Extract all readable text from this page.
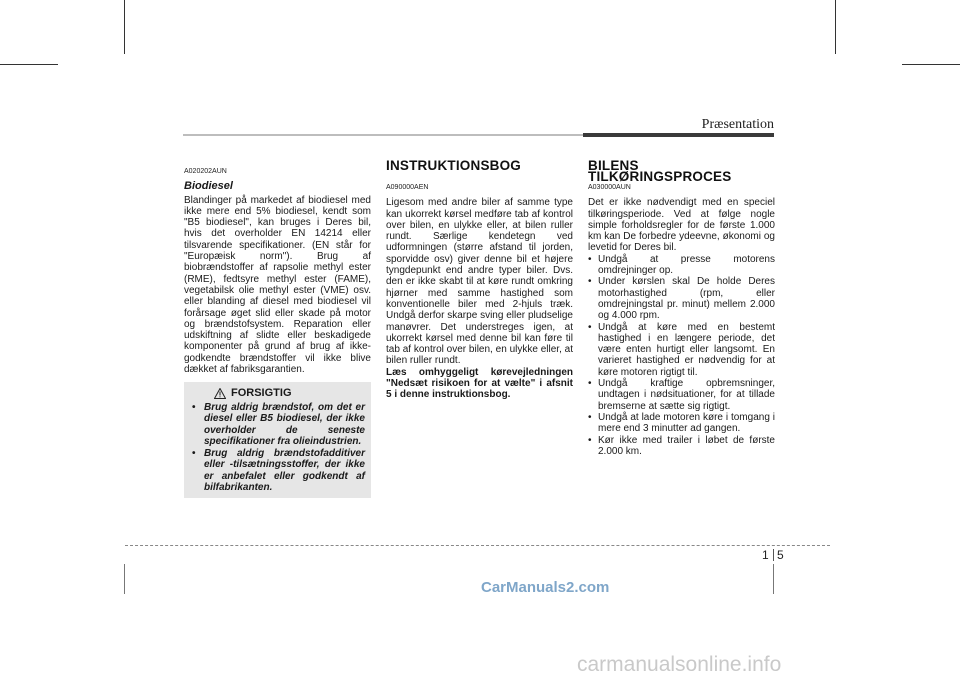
Præsentation
A020202AUN
Biodiesel

Blandinger på markedet af biodiesel med ikke mere end 5% biodiesel, kendt som "B5 biodiesel", kan bruges i Deres bil, hvis det overholder EN 14214 eller tilsvarende specifikationer. (EN står for "Europæisk norm"). Brug af biobrændstoffer af rapsolie methyl ester (RME), fedtsyre methyl ester (FAME), vegetabilsk olie methyl ester (VME) osv. eller blanding af diesel med biodiesel vil forårsage øget slid eller skade på motor og brændstofsystem. Reparation eller udskiftning af slidte eller beskadigede komponenter på grund af brug af ikke-godkendte brændstoffer vil ikke blive dækket af fabriksgarantien.

FORSIGTIG
• Brug aldrig brændstof, om det er diesel eller B5 biodiesel, der ikke overholder de seneste specifikationer fra olieindustrien.
• Brug aldrig brændstofadditiver eller -tilsætningsstoffer, der ikke er anbefalet eller godkendt af bilfabrikanten.
INSTRUKTIONSBOG
A090000AEN

Ligesom med andre biler af samme type kan ukorrekt kørsel medføre tab af kontrol over bilen, en ulykke eller, at bilen ruller rundt. Særlige kendetegn ved udformningen (større afstand til jorden, sporvidde osv) giver denne bil et højere tyngdepunkt end andre typer biler. Dvs. den er ikke skabt til at køre rundt omkring hjørner med samme hastighed som konventionelle biler med 2-hjuls træk. Undgå derfor skarpe sving eller pludselige manøvrer. Det understreges igen, at ukorrekt kørsel med denne bil kan føre til tab af kontrol over bilen, en ulykke eller, at bilen ruller rundt.

Læs omhyggeligt kørevejledningen "Nedsæt risikoen for at vælte" i afsnit 5 i denne instruktionsbog.

BILENS TILKØRINGSPROCES
A030000AUN

Det er ikke nødvendigt med en speciel tilkøringsperiode. Ved at følge nogle simple forholdsregler for de første 1.000 km kan De forbedre ydeevne, økonomi og levetid for Deres bil.

• Undgå at presse motorens omdrejninger op.
• Under kørslen skal De holde Deres motorhastighed (rpm, eller omdrejningstal pr. minut) mellem 2.000 og 4.000 rpm.
• Undgå at køre med en bestemt hastighed i en længere periode, det være enten hurtigt eller langsomt. En varieret hastighed er nødvendig for at køre motoren rigtigt til.
• Undgå kraftige opbremsninger, undtagen i nødsituationer, for at tillade bremserne at sætte sig rigtigt.
• Undgå at lade motoren køre i tomgang i mere end 3 minutter ad gangen.
• Kør ikke med trailer i løbet de første 2.000 km.
1 5
CarManuals2.com
carmanualsonline.info
